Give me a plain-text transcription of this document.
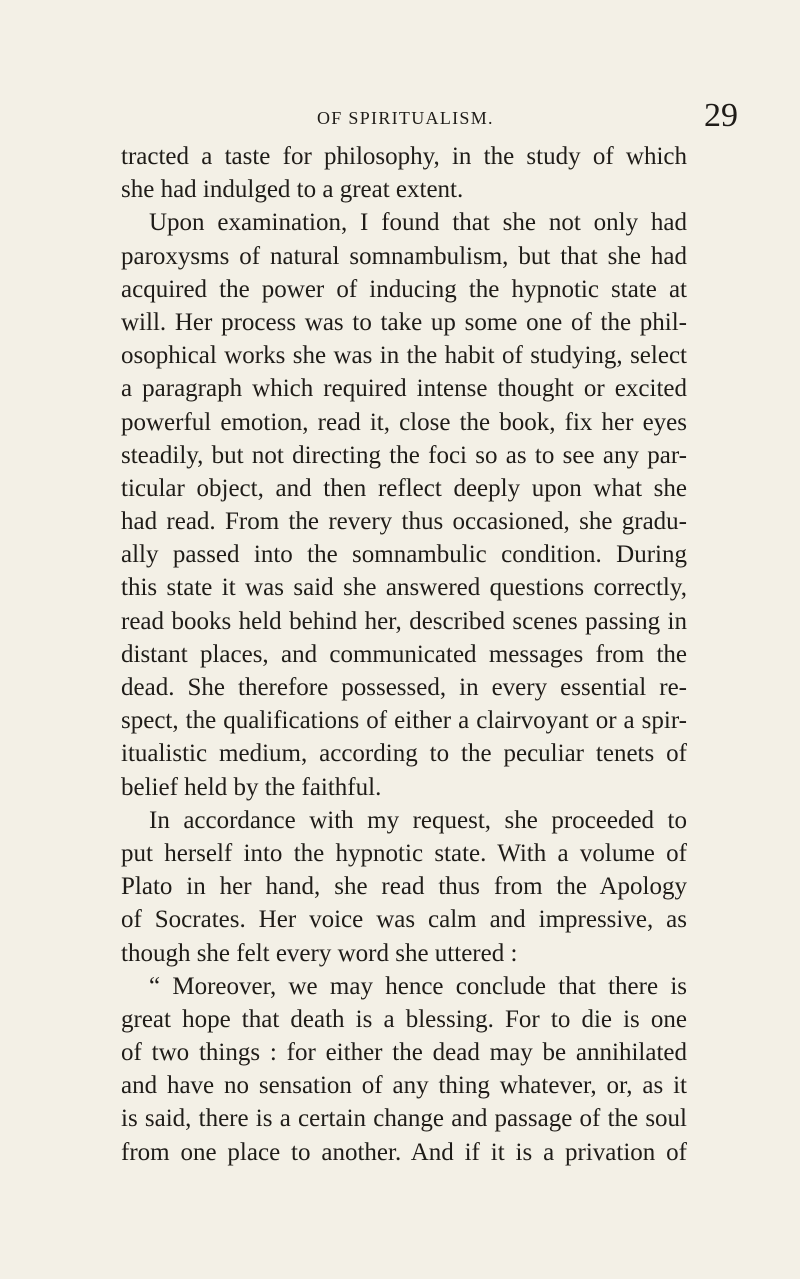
OF SPIRITUALISM.	29
tracted a taste for philosophy, in the study of which
she had indulged to a great extent.
Upon examination, I found that she not only had
paroxysms of natural somnambulism, but that she had
acquired the power of inducing the hypnotic state at
will. Her process was to take up some one of the phil-
osophical works she was in the habit of studying, select
a paragraph which required intense thought or excited
powerful emotion, read it, close the book, fix her eyes
steadily, but not directing the foci so as to see any par-
ticular object, and then reflect deeply upon what she
had read. From the revery thus occasioned, she gradu-
ally passed into the somnambulic condition. During
this state it was said she answered questions correctly,
read books held behind her, described scenes passing in
distant places, and communicated messages from the
dead. She therefore possessed, in every essential re-
spect, the qualifications of either a clairvoyant or a spir-
itualistic medium, according to the peculiar tenets of
belief held by the faithful.
In accordance with my request, she proceeded to
put herself into the hypnotic state. With a volume of
Plato in her hand, she read thus from the Apology
of Socrates. Her voice was calm and impressive, as
though she felt every word she uttered :
“ Moreover, we may hence conclude that there is
great hope that death is a blessing. For to die is one
of two things : for either the dead may be annihilated
and have no sensation of any thing whatever, or, as it
is said, there is a certain change and passage of the soul
from one place to another. And if it is a privation of
